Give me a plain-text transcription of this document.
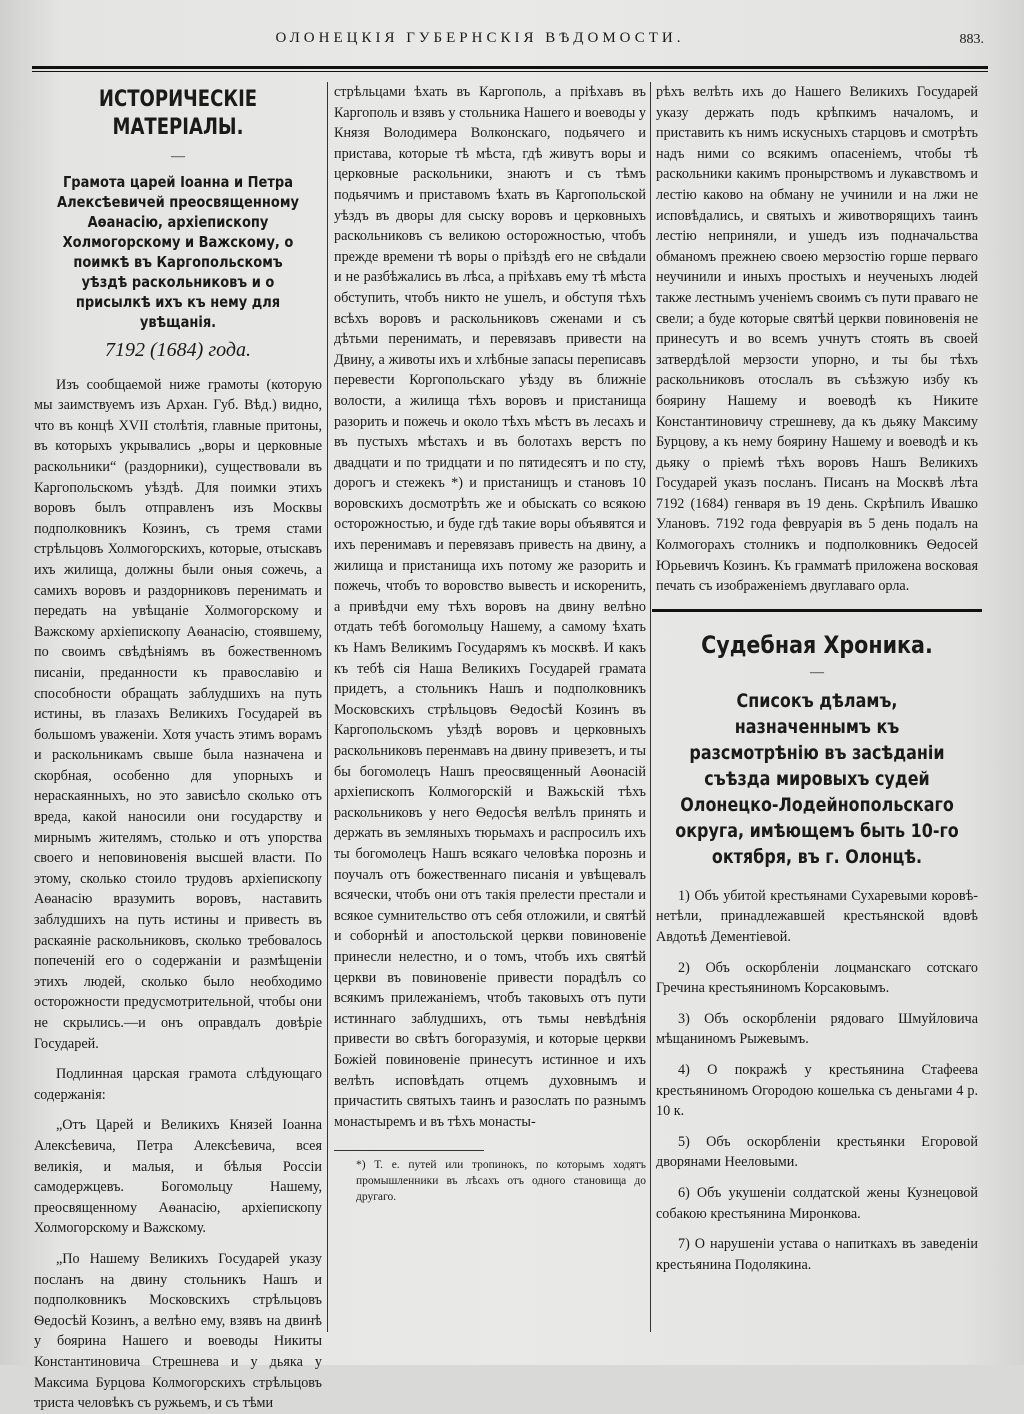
ОЛОНЕЦКІЯ ГУБЕРНСКІЯ ВѢДОМОСТИ.	883.
ИСТОРИЧЕСКІЕ МАТЕРІАЛЫ.
—
Грамота царей Іоанна и Петра Алексѣевичей преосвященному Аѳанасію, архіепископу Холмогорскому и Важскому, о поимкѣ въ Каргопольскомъ уѣздѣ раскольниковъ и о присылкѣ ихъ къ нему для увѣщанія.
7192 (1684) года.

Изъ сообщаемой ниже грамоты (которую мы заимствуемъ изъ Архан. Губ. Вѣд.) видно, что въ концѣ XVII столѣтія, главные притоны, въ которыхъ укрывались „воры и церковные раскольники“ (раздорники), существовали въ Каргопольскомъ уѣздѣ. Для поимки этихъ воровъ былъ отправленъ изъ Москвы подполковникъ Козинъ, съ тремя стами стрѣльцовъ Холмогорскихъ, которые, отыскавъ ихъ жилища, должны были оныя сожечь, а самихъ воровъ и раздорниковъ перенимать и передать на увѣщаніе Холмогорскому и Важскому архіепископу Аѳанасію, стоявшему, по своимъ свѣдѣніямъ въ божественномъ писаніи, преданности къ православію и способности обращать заблудшихъ на путь истины, въ глазахъ Великихъ Государей въ большомъ уваженіи. Хотя участь этимъ ворамъ и раскольникамъ свыше была назначена и скорбная, особенно для упорныхъ и нераскаянныхъ, но это зависѣло сколько отъ вреда, какой наносили они государству и мирнымъ жителямъ, столько и отъ упорства своего и неповиновенія высшей власти. По этому, сколько стоило трудовъ архіепископу Аѳанасію вразумить воровъ, наставить заблудшихъ на путь истины и привесть въ раскаяніе раскольниковъ, сколько требовалось попеченій его о содержаніи и размѣщеніи этихъ людей, сколько было необходимо осторожности предусмотрительной, чтобы они не скрылись.—и онъ оправдалъ довѣріе Государей.

Подлинная царская грамота слѣдующаго содержанія:

„Отъ Царей и Великихъ Князей Іоанна Алексѣевича, Петра Алексѣевича, всея великія, и малыя, и бѣлыя Россіи самодержцевъ. Богомольцу Нашему, преосвященному Аѳанасію, архіепископу Холмогорскому и Важскому.

„По Нашему Великихъ Государей указу посланъ на двину стольникъ Нашъ и подполковникъ Московскихъ стрѣльцовъ Ѳедосѣй Козинъ, а велѣно ему, взявъ на двинѣ у боярина Нашего и воеводы Никиты Константиновича Стрешнева и у дьяка у Максима Бурцова Колмогорскихъ стрѣльцовъ триста человѣкъ съ ружьемъ, и съ тѣми

стрѣльцами ѣхать въ Каргополь, а пріѣхавъ въ Каргополь и взявъ у стольника Нашего и воеводы у Князя Володимера Волконскаго, подьячего и пристава, которые тѣ мѣста, гдѣ живутъ воры и церковные раскольники, знаютъ и съ тѣмъ подьячимъ и приставомъ ѣхать въ Каргопольской уѣздъ въ дворы для сыску воровъ и церковныхъ раскольниковъ съ великою осторожностью, чтобъ прежде времени тѣ воры о пріѣздѣ его не свѣдали и не разбѣжались въ лѣса, а пріѣхавъ ему тѣ мѣста обступить, чтобъ никто не ушелъ, и обступя тѣхъ всѣхъ воровъ и раскольниковъ сженами и съ дѣтьми перенимать, и перевязавъ привести на Двину, а животы ихъ и хлѣбные запасы переписавъ перевести Коргопольскаго уѣзду въ ближніе волости, а жилища тѣхъ воровъ и пристанища разорить и пожечь и около тѣхъ мѣстъ въ лесахъ и въ пустыхъ мѣстахъ и въ болотахъ верстъ по двадцати и по тридцати и по пятидесятъ и по сту, дорогъ и стежекъ *) и пристанищъ и становъ 10 воровскихъ досмотрѣть же и обыскать со всякою осторожностью, и буде гдѣ такие воры объявятся и ихъ перенимавъ и перевязавъ привесть на двину, а жилища и пристанища ихъ потому же разорить и пожечь, чтобъ то воровство вывесть и искоренить, а привѣдчи ему тѣхъ воровъ на двину велѣно отдать тебѣ богомольцу Нашему, а самому ѣхать къ Намъ Великимъ Государямъ къ москвѣ. И какъ къ тебѣ сія Наша Великихъ Государей грамата придетъ, а стольникъ Нашъ и подполковникъ Московскихъ стрѣльцовъ Ѳедосѣй Козинъ въ Каргопольскомъ уѣздѣ воровъ и церковныхъ раскольниковъ перенмавъ на двину привезетъ, и ты бы богомолецъ Нашъ преосвященный Аѳонасій архіепископъ Колмогорскій и Важьскій тѣхъ раскольниковъ у него Ѳедосѣя велѣлъ принять и держать въ земляныхъ тюрьмахъ и распросилъ ихъ ты богомолецъ Нашъ всякаго человѣка порознь и поучалъ отъ божественнаго писанія и увѣщевалъ всячески, чтобъ они отъ такія прелести престали и всякое сумнительство отъ себя отложили, и святѣй и соборнѣй и апостольской церкви повиновеніе принесли нелестно, и о томъ, чтобъ ихъ святѣй церкви въ повиновеніе привести порадѣлъ со всякимъ прилежаніемъ, чтобъ таковыхъ отъ пути истиннаго заблудшихъ, отъ тьмы невѣдѣнія привести во свѣтъ богоразумія, и которые церкви Божіей повиновеніе принесутъ истинное и ихъ велѣть исповѣдать отцемъ духовнымъ и причастить святыхъ таинъ и разослать по разнымъ монастыремъ и въ тѣхъ монасты-

*) Т. е. путей или тропинокъ, по которымъ ходятъ промышленники въ лѣсахъ отъ одного становища до другаго.

рѣхъ велѣть ихъ до Нашего Великихъ Государей указу держать подъ крѣпкимъ началомъ, и приставить къ нимъ искусныхъ старцовъ и смотрѣть надъ ними со всякимъ опасеніемъ, чтобы тѣ раскольники какимъ пронырствомъ и лукавствомъ и лестію каково на обману не учинили и на лжи не исповѣдались, и святыхъ и животворящихъ таинъ лестію неприняли, и ушедъ изъ подначальства обманомъ прежнею своею мерзостію горше перваго неучинили и иныхъ простыхъ и неученыхъ людей также лестнымъ ученіемъ своимъ съ пути праваго не свели; а будe которые святѣй церкви повиновенія не принесутъ и во всемъ учнутъ стоять въ своей затвердѣлой мерзости упорно, и ты бы тѣхъ раскольниковъ отослалъ въ съѣзжую избу къ боярину Нашему и воеводѣ къ Никите Константиновичу стрешневу, да къ дьяку Максиму Бурцову, а къ нему боярину Нашему и воеводѣ и къ дьяку о пріемѣ тѣхъ воровъ Нашъ Великихъ Государей указъ посланъ. Писанъ на Москвѣ лѣта 7192 (1684) генваря въ 19 день. Скрѣпилъ Ивашко Улановъ. 7192 года февруарія въ 5 день подалъ на Колмогорахъ столникъ и подполковникъ Ѳедосей Юрьевичъ Козинъ. Къ грамматѣ приложена восковая печать съ изображеніемъ двуглаваго орла.

Судебная Хроника.
—
Списокъ дѣламъ, назначеннымъ къ разсмотрѣнію въ засѣданіи съѣзда мировыхъ судей Олонецко-Лодейнопольскаго округа, имѣющемъ быть 10-го октября, въ г. Олонцѣ.

1) Объ убитой крестьянами Сухаревыми коровѣ-нетѣли, принадлежавшей крестьянской вдовѣ Авдотьѣ Дементіевой.

2) Объ оскорбленіи лоцманскаго сотскаго Гречина крестьяниномъ Корсаковымъ.

3) Объ оскорбленіи рядоваго Шмуйловича мѣщаниномъ Рыжевымъ.

4) О покражѣ у крестьянина Стафеева крестьяниномъ Огородою кошелька съ деньгами 4 р. 10 к.

5) Объ оскорбленіи крестьянки Егоровой дворянами Нееловыми.

6) Объ укушеніи солдатской жены Кузнецовой собакою крестьянина Миронкова.

7) О нарушеніи устава о напиткахъ въ заведеніи крестьянина Подолякина.
